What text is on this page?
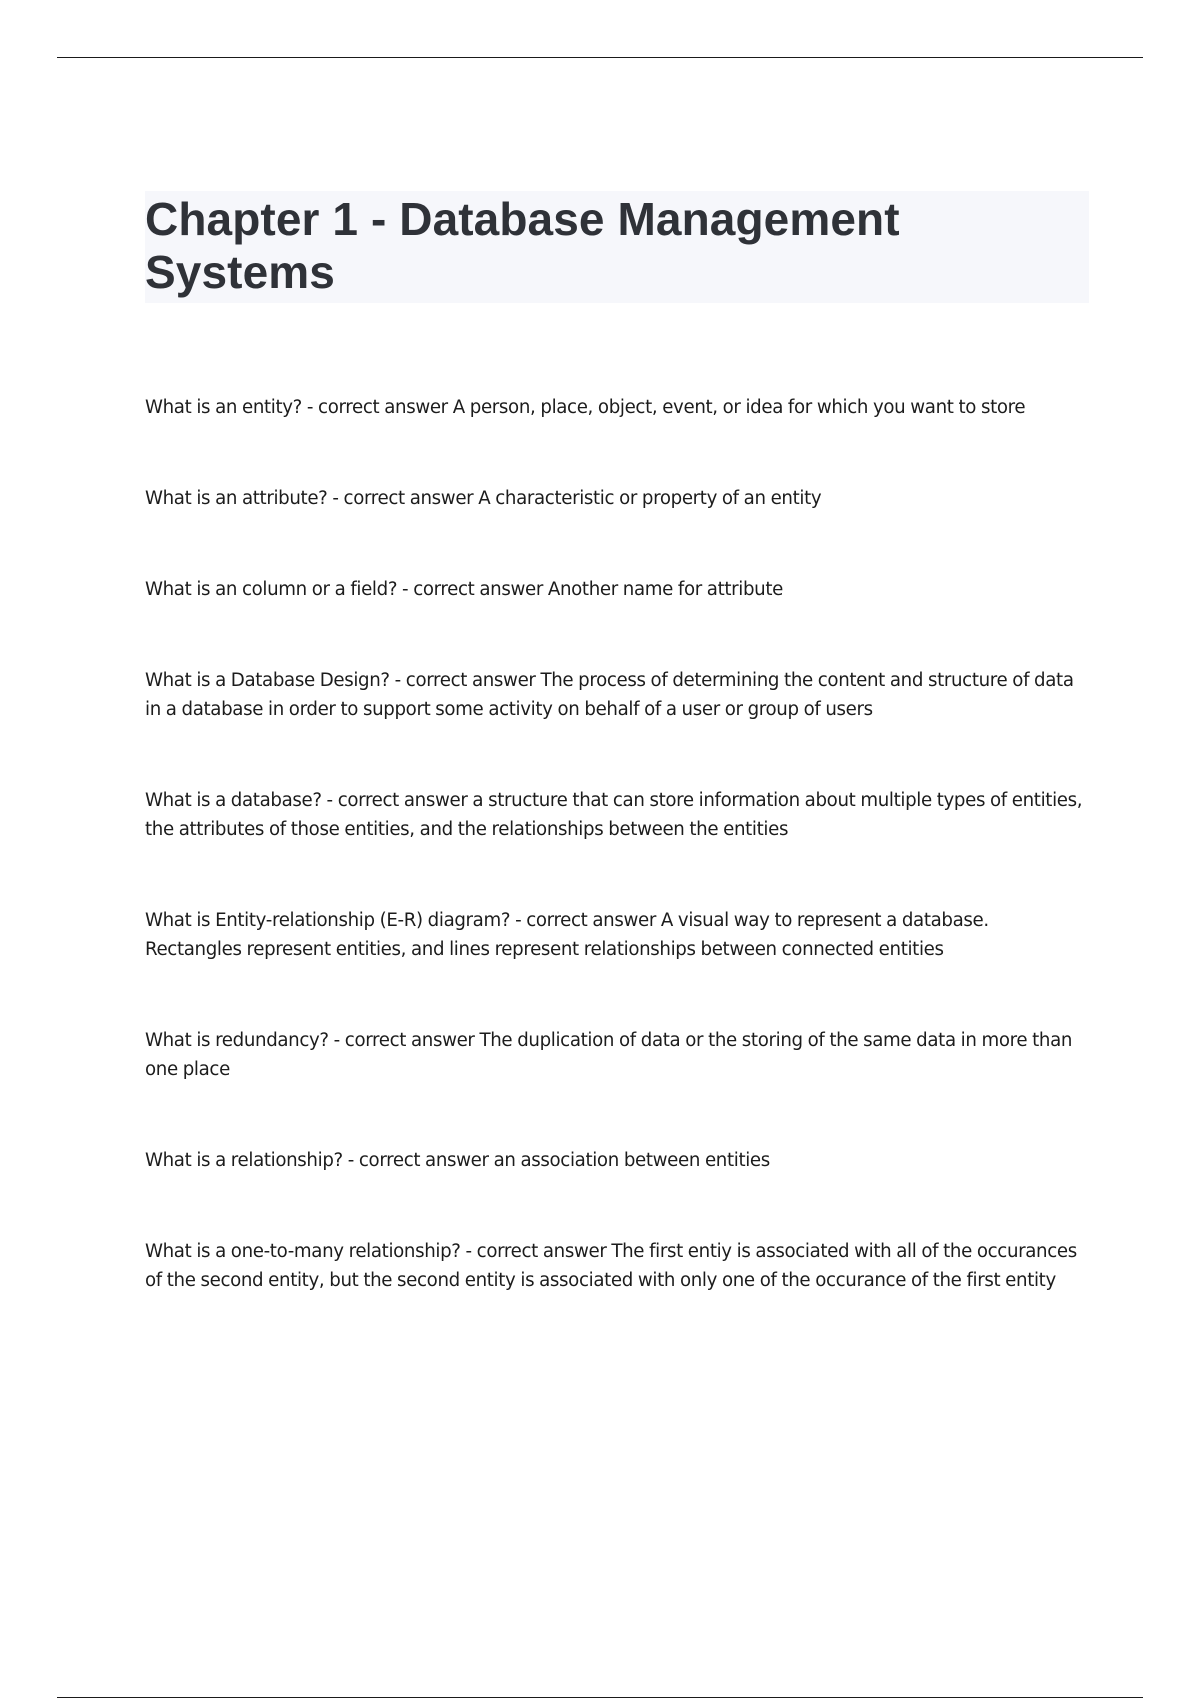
Chapter 1 - Database Management Systems
What is an entity? - correct answer A person, place, object, event, or idea for which you want to store
What is an attribute? - correct answer A characteristic or property of an entity
What is an column or a field? - correct answer Another name for attribute
What is a Database Design? - correct answer The process of determining the content and structure of data in a database in order to support some activity on behalf of a user or group of users
What is a database? - correct answer a structure that can store information about multiple types of entities, the attributes of those entities, and the relationships between the entities
What is Entity-relationship (E-R) diagram? - correct answer A visual way to represent a database. Rectangles represent entities, and lines represent relationships between connected entities
What is redundancy? - correct answer The duplication of data or the storing of the same data in more than one place
What is a relationship? - correct answer an association between entities
What is a one-to-many relationship? - correct answer The first entiy is associated with all of the occurances of the second entity, but the second entity is associated with only one of the occurance of the first entity
